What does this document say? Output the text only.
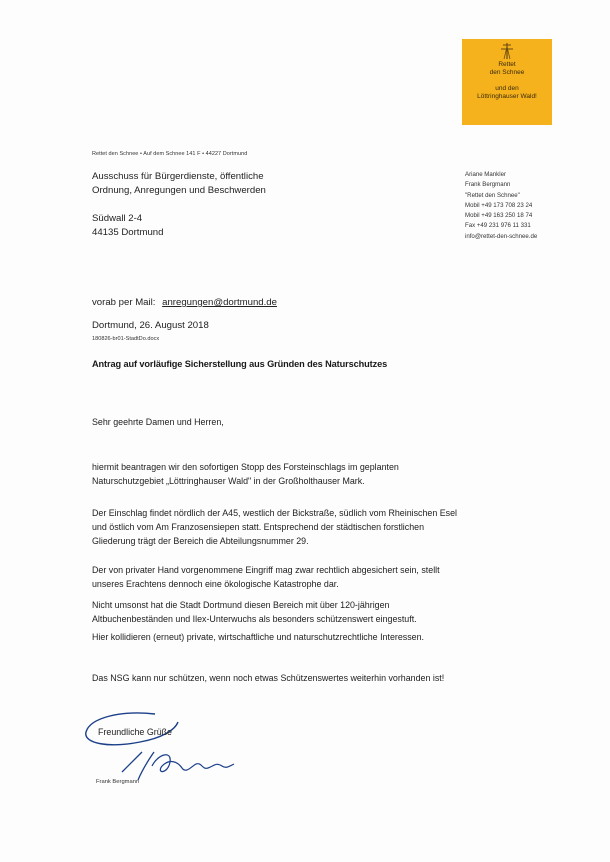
Rettet
den Schnee
und den
Löttringhauser Wald!
Rettet den Schnee • Auf dem Schnee 141 F • 44227 Dortmund
Ausschuss für Bürgerdienste, öffentliche
Ordnung, Anregungen und Beschwerden
Südwall 2-4
44135 Dortmund
Ariane Mankler
Frank Bergmann
"Rettet den Schnee"
Mobil +49 173 708 23 24
Mobil +49 163 250 18 74
Fax +49 231 976 11 331
info@rettet-den-schnee.de
vorab per Mail: anregungen@dortmund.de
Dortmund, 26. August 2018
180826-br01-StadtDo.docx
Antrag auf vorläufige Sicherstellung aus Gründen des Naturschutzes
Sehr geehrte Damen und Herren,
hiermit beantragen wir den sofortigen Stopp des Forsteinschlags im geplanten
Naturschutzgebiet „Löttringhauser Wald" in der Großholthauser Mark.
Der Einschlag findet nördlich der A45, westlich der Bickstraße, südlich vom Rheinischen Esel
und östlich vom Am Franzosensiepen statt. Entsprechend der städtischen forstlichen
Gliederung trägt der Bereich die Abteilungsnummer 29.
Der von privater Hand vorgenommene Eingriff mag zwar rechtlich abgesichert sein, stellt
unseres Erachtens dennoch eine ökologische Katastrophe dar.
Nicht umsonst hat die Stadt Dortmund diesen Bereich mit über 120-jährigen
Altbuchenbeständen und Ilex-Unterwuchs als besonders schützenswert eingestuft.
Hier kollidieren (erneut) private, wirtschaftliche und naturschutzrechtliche Interessen.
Das NSG kann nur schützen, wenn noch etwas Schützenswertes weiterhin vorhanden ist!
Freundliche Grüße
Frank Bergmann
